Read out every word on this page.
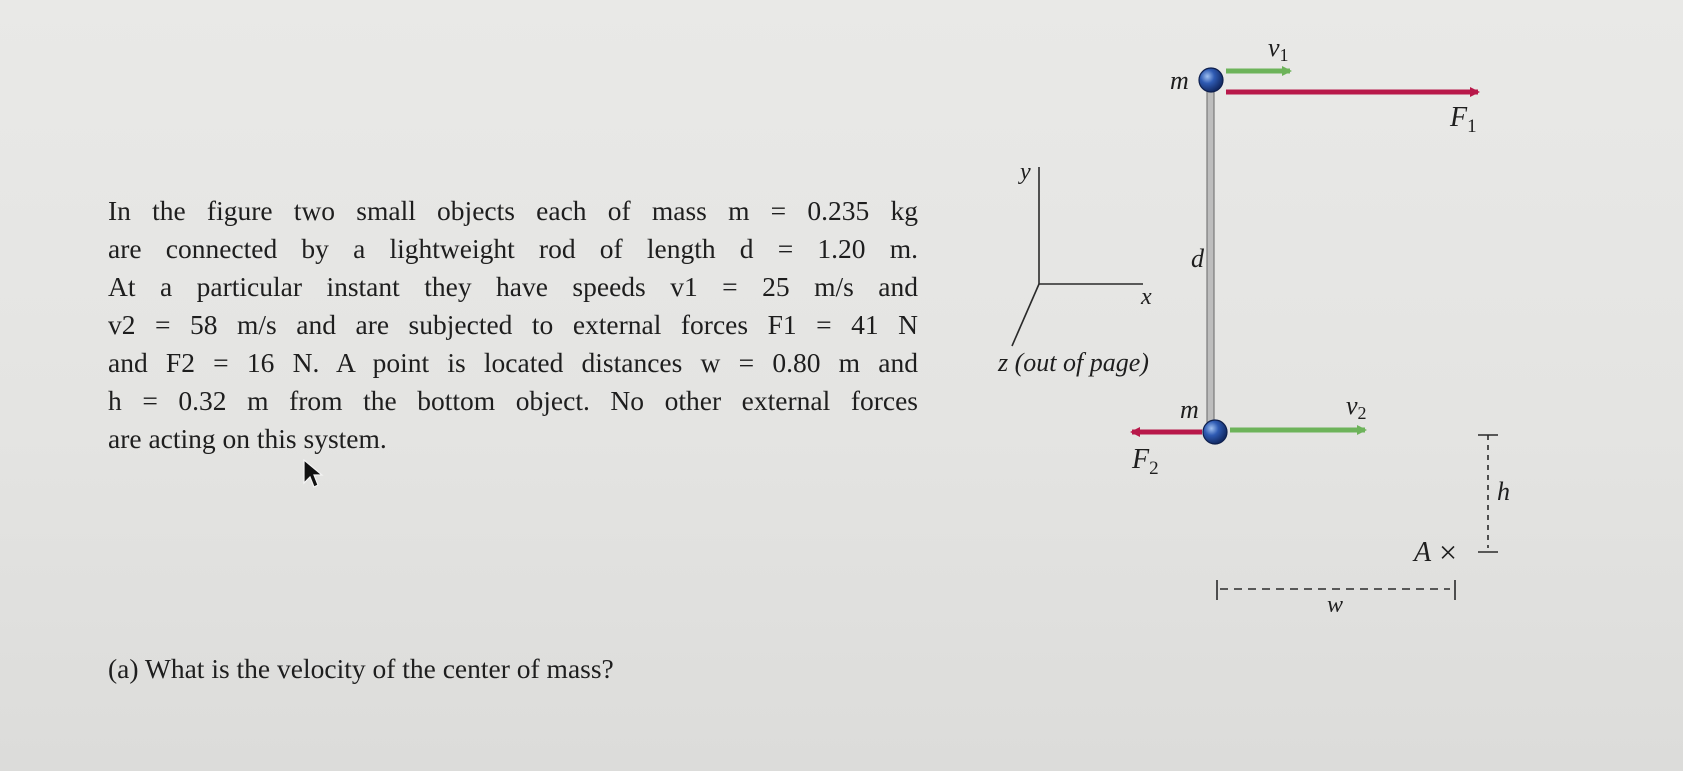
In the figure two small objects each of mass m = 0.235 kg
are connected by a lightweight rod of length d = 1.20 m.
At a particular instant they have speeds v1 = 25 m/s and
v2 = 58 m/s and are subjected to external forces F1 = 41 N
and F2 = 16 N. A point is located distances w = 0.80 m and
h = 0.32 m from the bottom object. No other external forces
are acting on this system.
(a) What is the velocity of the center of mass?
y
x
z (out of page)
d
m
v1
$F_1$
m	v2
$F_2$
h
A ×
w
